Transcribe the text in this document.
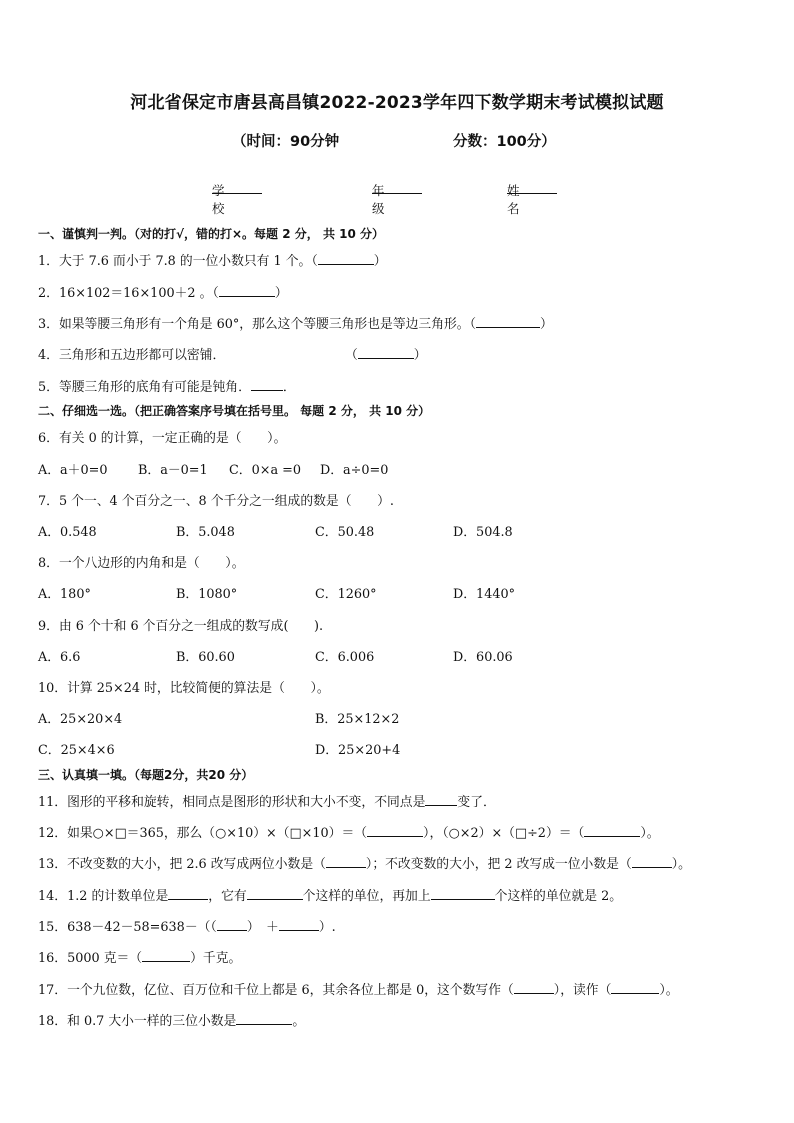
河北省保定市唐县高昌镇2022-2023学年四下数学期末考试模拟试题
（时间：90分钟	分数：100分）
学校
年级
姓名
一、谨慎判一判。（对的打√，错的打×。每题 2 分， 共 10 分）
1．大于 7.6 而小于 7.8 的一位小数只有 1 个。（	）
2．16×102＝16×100＋2 。（	）
3．如果等腰三角形有一个角是 60°，那么这个等腰三角形也是等边三角形。（	）
4．三角形和五边形都可以密铺．	（	）
5．等腰三角形的底角有可能是钝角．	．
二、仔细选一选。（把正确答案序号填在括号里。 每题 2 分， 共 10 分）
6．有关 0 的计算，一定正确的是（　　）。
A．a＋0=0 B．a－0=1 C．0×a =0 D．a÷0=0
7．5 个一、4 个百分之一、8 个千分之一组成的数是（　　）.
A．0.548	B．5.048	C．50.48	D．504.8
8．一个八边形的内角和是（　　）。
A．180°	B．1080°	C．1260°	D．1440°
9．由 6 个十和 6 个百分之一组成的数写成(　　).
A．6.6	B．60.60	C．6.006	D．60.06
10．计算 25×24 时，比较简便的算法是（　　）。
A．25×20×4	B．25×12×2
C．25×4×6	D．25×20+4
三、认真填一填。（每题2分，共20 分）
11．图形的平移和旋转，相同点是图形的形状和大小不变，不同点是	变了．
12．如果○×□＝365，那么（○×10）×（□×10）＝（	），（○×2）×（□÷2）＝（	）。
13．不改变数的大小，把 2.6 改写成两位小数是（	）；不改变数的大小，把 2 改写成一位小数是（	）。
14．1.2 的计数单位是	，它有	个这样的单位，再加上	个这样的单位就是 2。
15．638－42－58=638－（（ ）　＋	）.
16．5000 克＝（	）千克。
17．一个九位数，亿位、百万位和千位上都是 6，其余各位上都是 0，这个数写作（	），读作（	）。
18．和 0.7 大小一样的三位小数是	。
